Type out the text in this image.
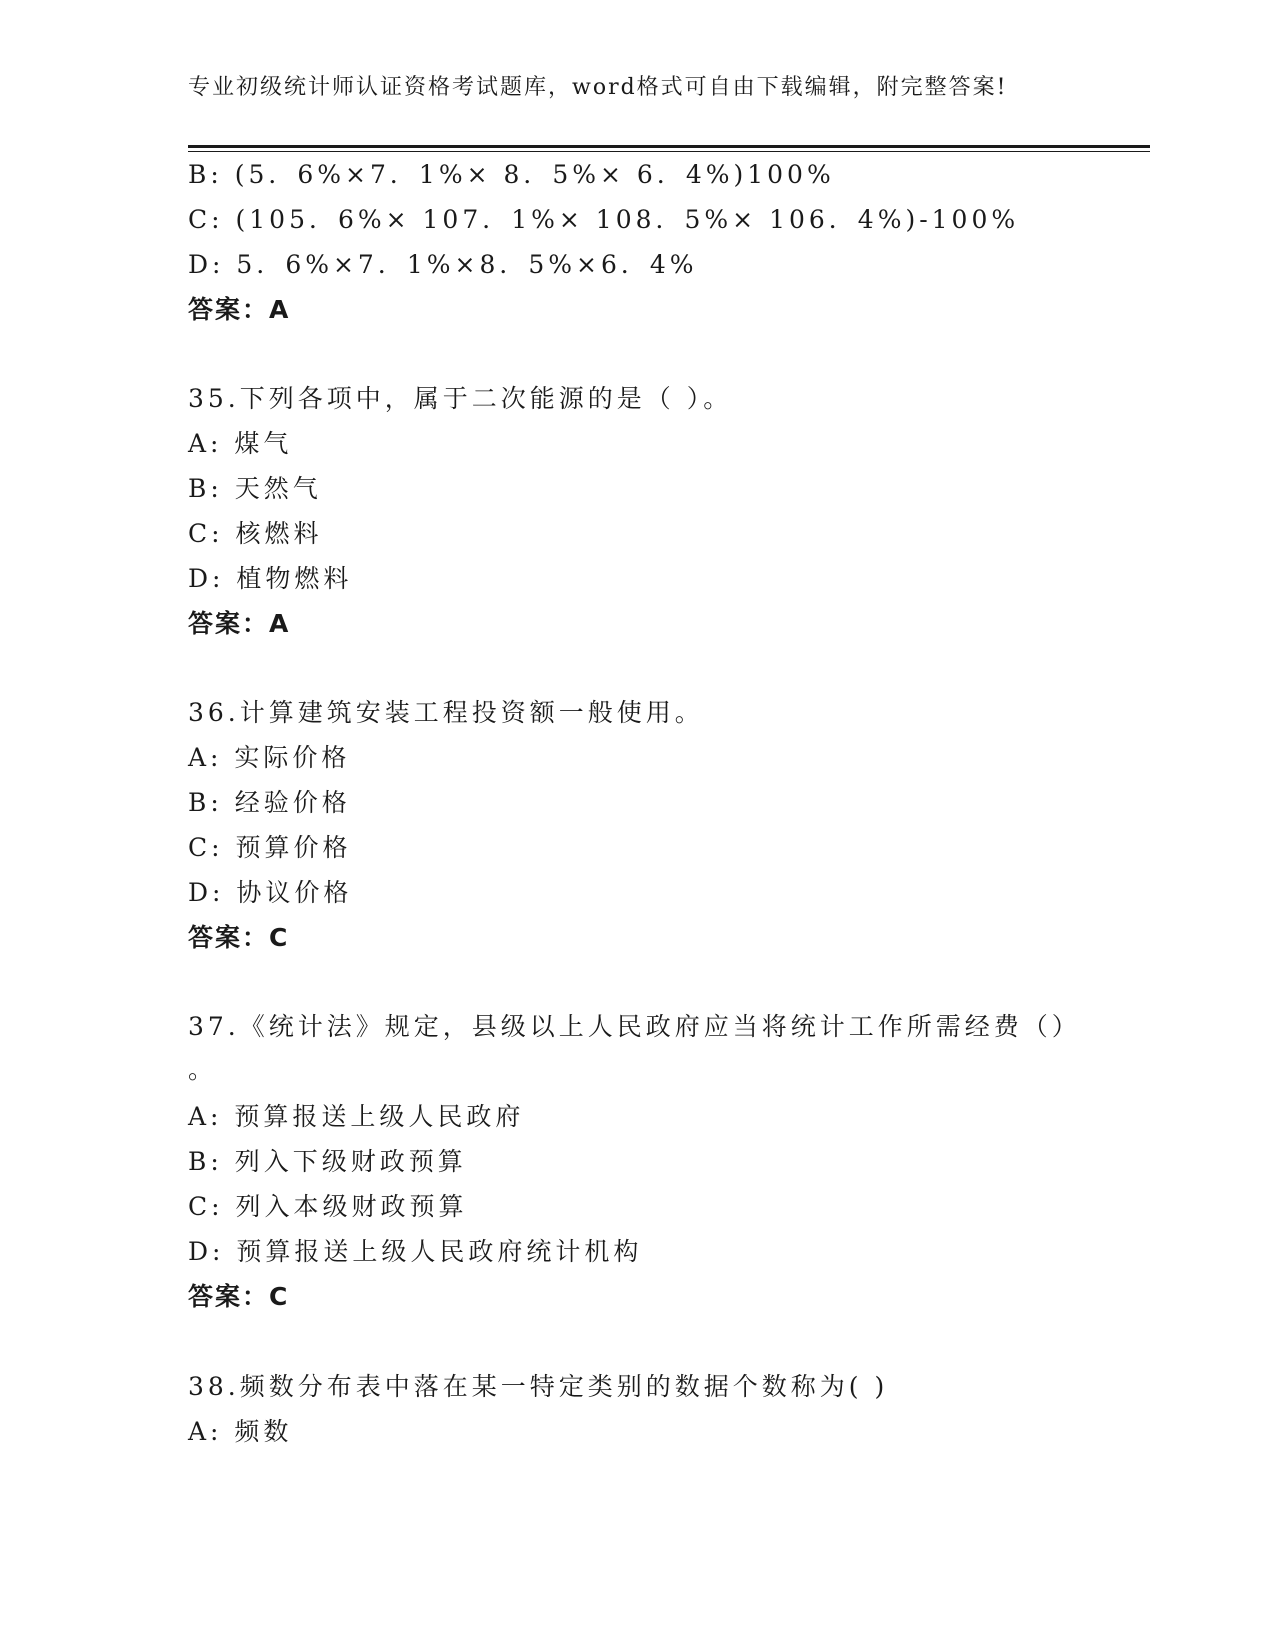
专业初级统计师认证资格考试题库，word格式可自由下载编辑，附完整答案!
B: (5．6%×7．1%× 8．5%× 6．4%)100%
C: (105．6%× 107．1%× 108．5%× 106．4%)-100%
D: 5．6%×7．1%×8．5%×6．4%
答案：A
35.下列各项中，属于二次能源的是（ ）。
A: 煤气
B: 天然气
C: 核燃料
D: 植物燃料
答案：A
36.计算建筑安装工程投资额一般使用。
A: 实际价格
B: 经验价格
C: 预算价格
D: 协议价格
答案：C
37.《统计法》规定，县级以上人民政府应当将统计工作所需经费（）
。
A: 预算报送上级人民政府
B: 列入下级财政预算
C: 列入本级财政预算
D: 预算报送上级人民政府统计机构
答案：C
38.频数分布表中落在某一特定类别的数据个数称为( )
A: 频数
